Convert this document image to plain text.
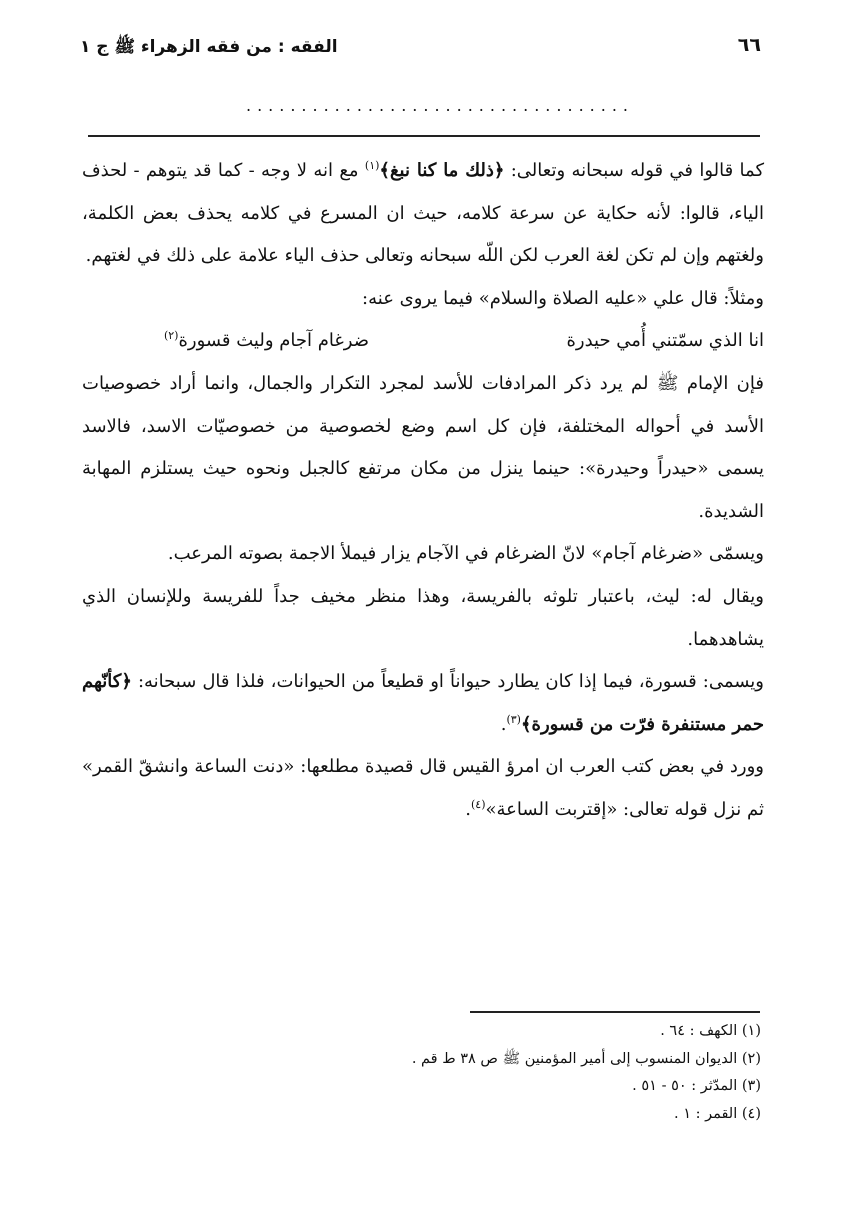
الفقه : من فقه الزهراء ﷺ ج ١	٦٦
...................................

كما قالوا في قوله سبحانه وتعالى: ﴿ذلك ما كنا نبغ﴾$^{(١)}$ مع انه لا وجه - كما قد يتوهم - لحذف الياء، قالوا: لأنه حكاية عن سرعة كلامه، حيث ان المسرع في كلامه يحذف بعض الكلمة، ولغتهم وإن لم تكن لغة العرب لكن اللّه سبحانه وتعالى حذف الياء علامة على ذلك في لغتهم.

ومثلاً: قال علي «عليه الصلاة والسلام» فيما يروى عنه:

انا الذي سمّتني أُمي حيدرة
ضرغام آجام وليث قسورة$^{(٢)}$

فإن الإمام ﷺ لم يرد ذكر المرادفات للأسد لمجرد التكرار والجمال، وانما أراد خصوصيات الأسد في أحواله المختلفة، فإن كل اسم وضع لخصوصية من خصوصيّات الاسد، فالاسد يسمى «حيدراً وحيدرة»: حينما ينزل من مكان مرتفع كالجبل ونحوه حيث يستلزم المهابة الشديدة.

ويسمّى «ضرغام آجام» لانّ الضرغام في الآجام يزار فيملأ الاجمة بصوته المرعب.

ويقال له: ليث، باعتبار تلوثه بالفريسة، وهذا منظر مخيف جداً للفريسة وللإنسان الذي يشاهدهما.

ويسمى: قسورة، فيما إذا كان يطارد حيواناً او قطيعاً من الحيوانات، فلذا قال سبحانه: ﴿كأنّهم حمر مستنفرة فرّت من قسورة﴾$^{(٣)}$.

وورد في بعض كتب العرب ان امرؤ القيس قال قصيدة مطلعها: «دنت الساعة وانشقّ القمر» ثم نزل قوله تعالى: «إقتربت الساعة»$^{(٤)}$.

(١) الكهف : ٦٤ .
(٢) الديوان المنسوب إلى أمير المؤمنين ﷺ ص ٣٨ ط قم .
(٣) المدّثر : ٥٠ - ٥١ .
(٤) القمر : ١ .
